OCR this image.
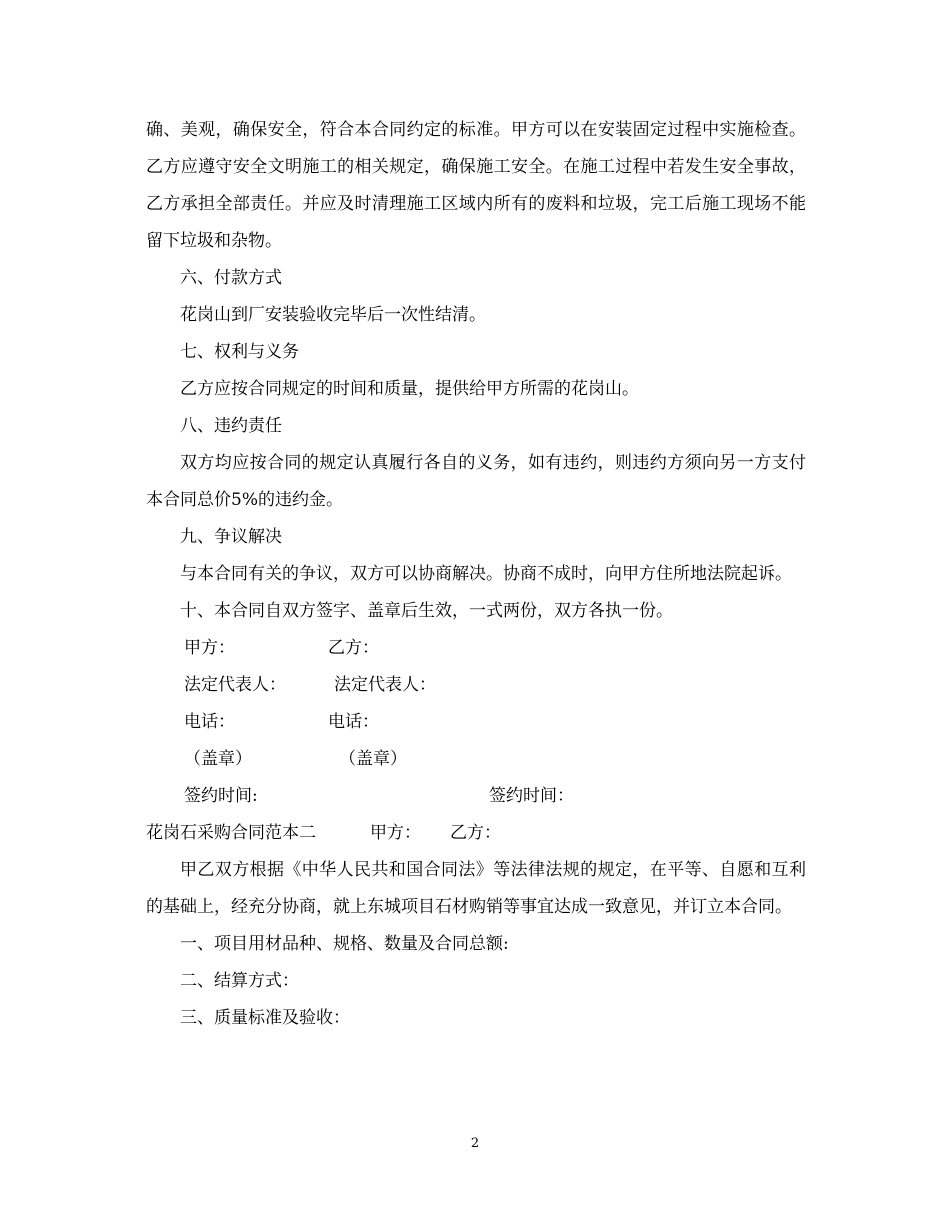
确、美观，确保安全，符合本合同约定的标准。甲方可以在安装固定过程中实施检查。乙方应遵守安全文明施工的相关规定，确保施工安全。在施工过程中若发生安全事故，乙方承担全部责任。并应及时清理施工区域内所有的废料和垃圾，完工后施工现场不能留下垃圾和杂物。

六、付款方式

花岗山到厂安装验收完毕后一次性结清。

七、权利与义务

乙方应按合同规定的时间和质量，提供给甲方所需的花岗山。

八、违约责任

双方均应按合同的规定认真履行各自的义务，如有违约，则违约方须向另一方支付本合同总价5%的违约金。

九、争议解决

与本合同有关的争议，双方可以协商解决。协商不成时，向甲方住所地法院起诉。

十、本合同自双方签字、盖章后生效，一式两份，双方各执一份。

甲方：	乙方：
法定代表人：	法定代表人：
电话：	电话：
（盖章）	（盖章）
签约时间:	签约时间：
花岗石采购合同范本二	甲方：	乙方：

甲乙双方根据《中华人民共和国合同法》等法律法规的规定，在平等、自愿和互利的基础上，经充分协商，就上东城项目石材购销等事宜达成一致意见，并订立本合同。

一、项目用材品种、规格、数量及合同总额:

二、结算方式：

三、质量标准及验收：

2
